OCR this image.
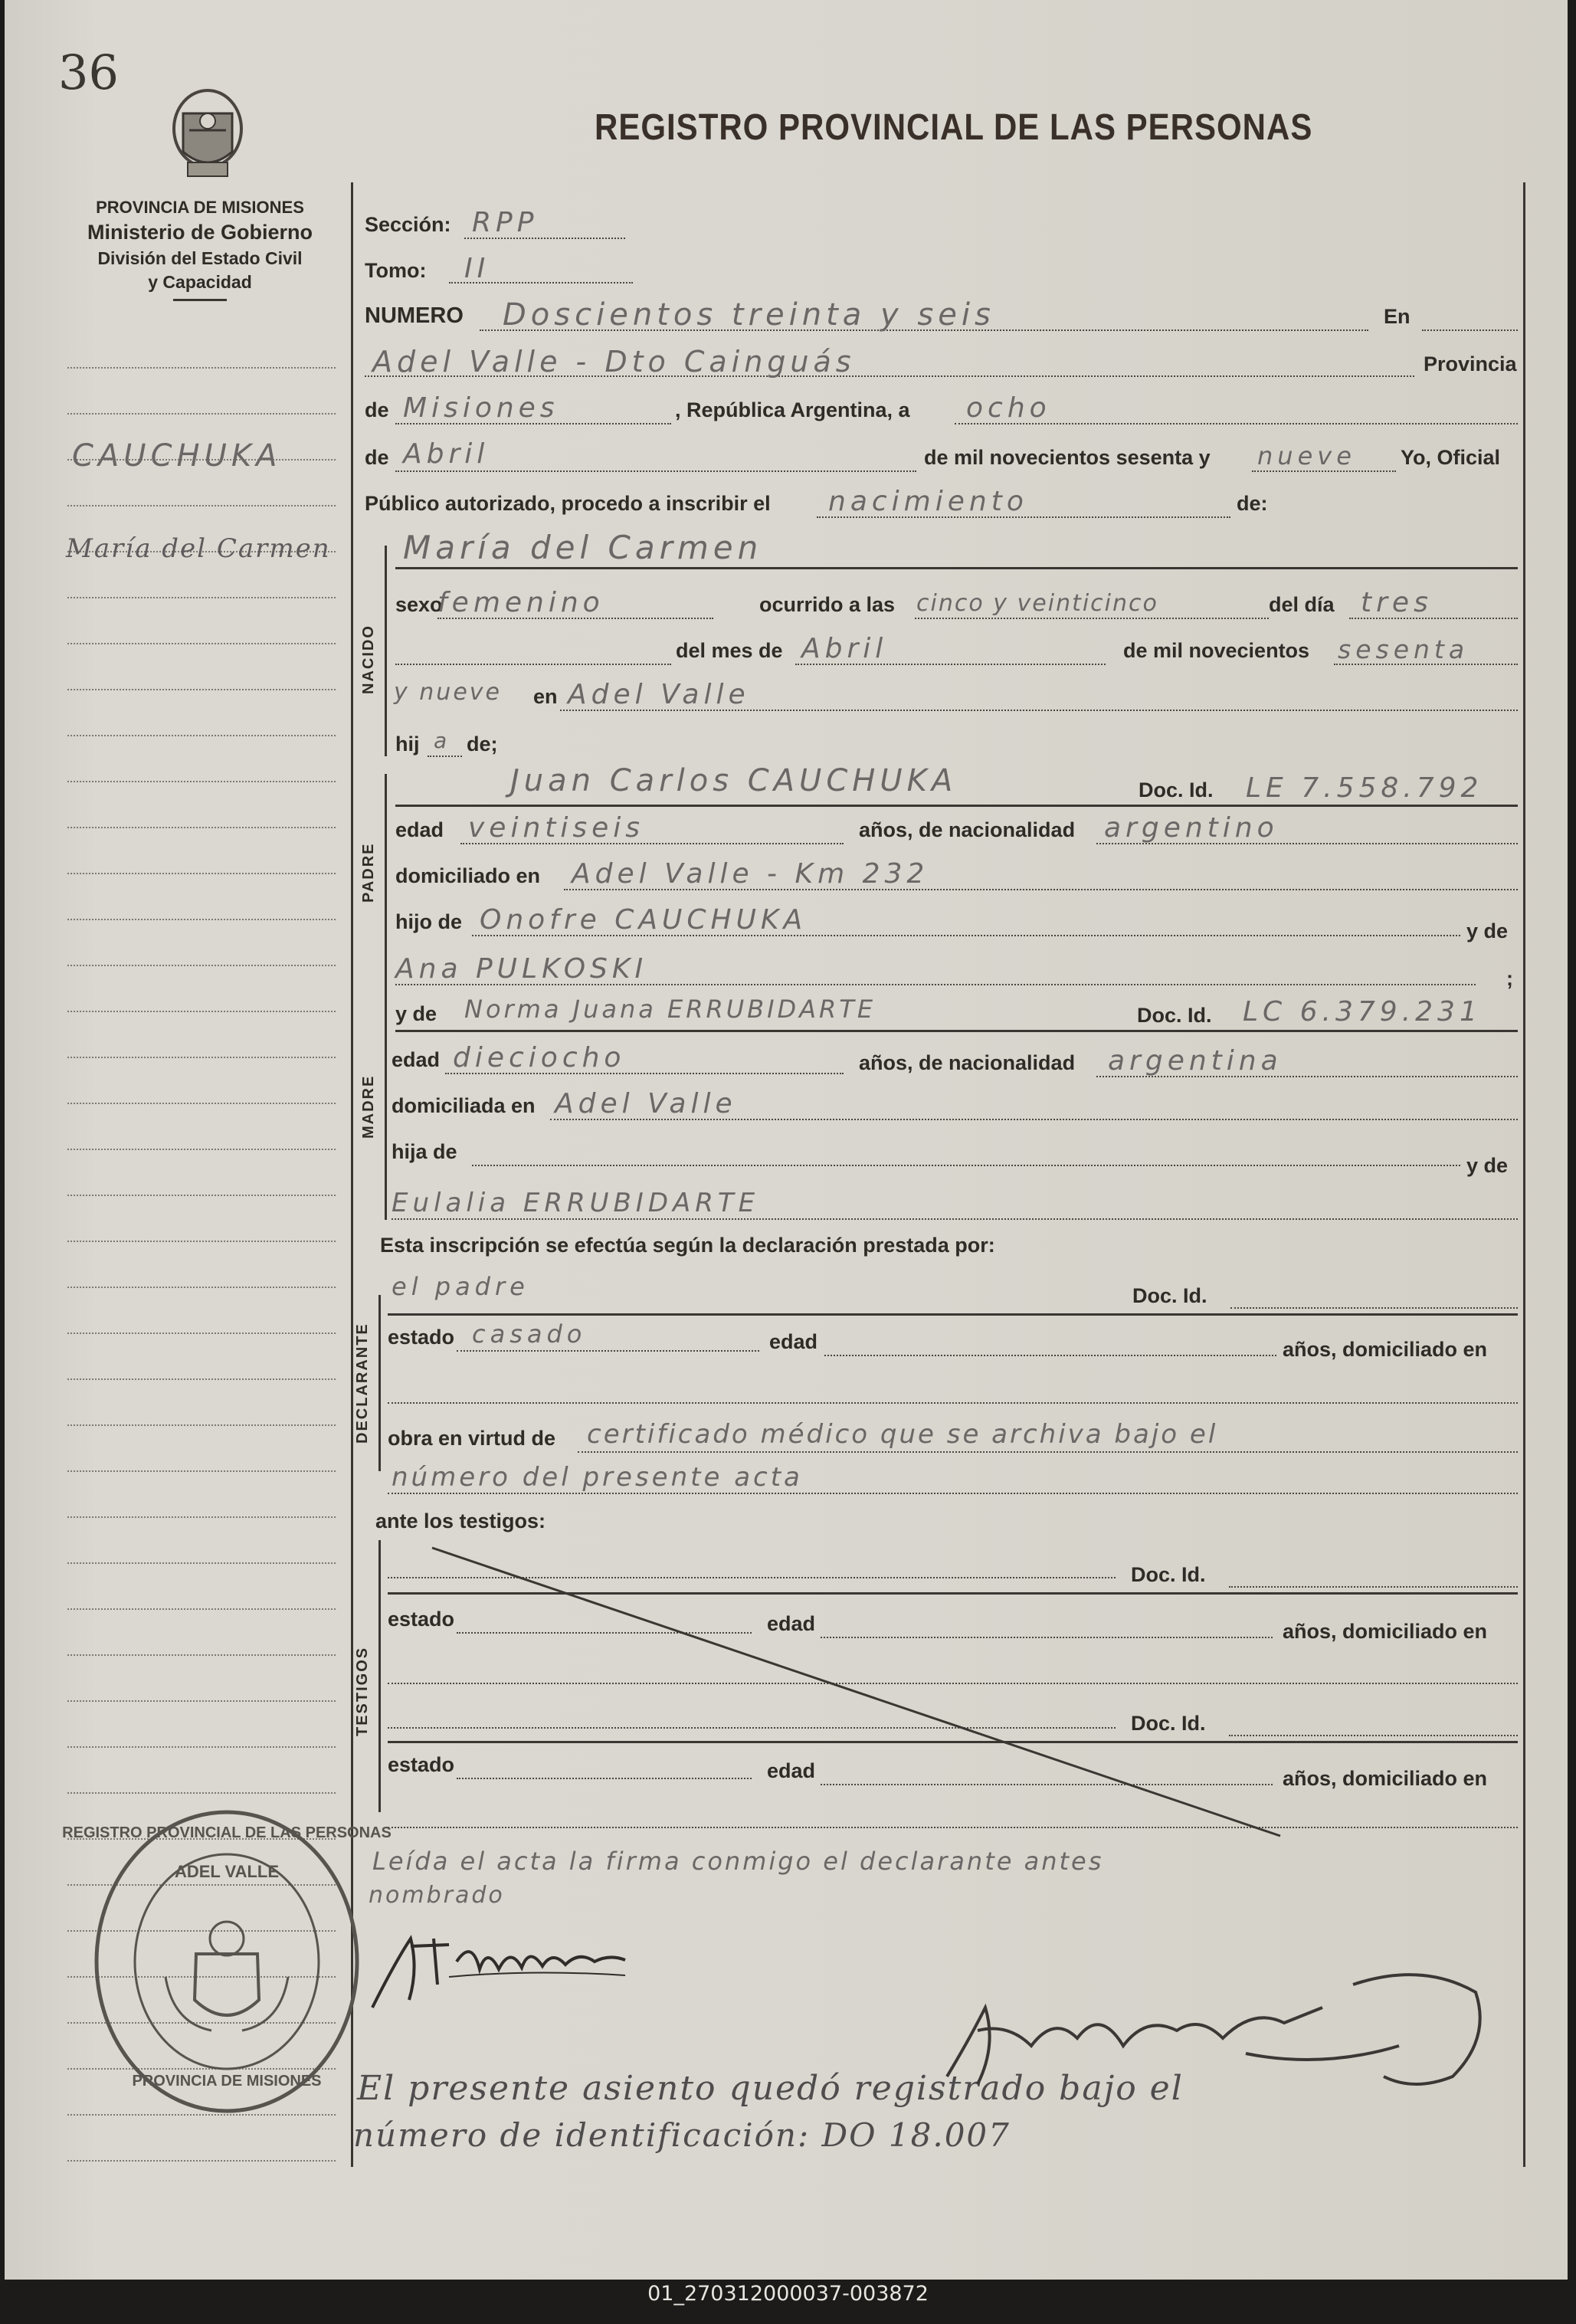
36
REGISTRO PROVINCIAL DE LAS PERSONAS
PROVINCIA DE MISIONES
Ministerio de Gobierno
División del Estado Civil
y Capacidad
CAUCHUKA
María del Carmen
Sección: RPP
Tomo: II
NUMERO Doscientos treinta y seis	En
Adel Valle - Dto Cainguás	Provincia
de Misiones	, República Argentina, a ocho
de Abril	de mil novecientos sesenta y nueve Yo, Oficial
Público autorizado, procedo a inscribir el nacimiento	de:
NACIDO
María del Carmen
sexo
femenino	ocurrido a las cinco y veinticinco	del día tres
del mes de Abril	de mil novecientos sesenta
y nueve en Adel Valle
hij a de;
PADRE
Juan Carlos CAUCHUKA	Doc. Id. LE 7.558.792
edad veintiseis	años, de nacionalidad argentino
domiciliado en Adel Valle - Km 232
hijo de Onofre CAUCHUKA	y de
Ana PULKOSKI	;
MADRE
y de Norma Juana ERRUBIDARTE	Doc. Id. LC 6.379.231
edad dieciocho	años, de nacionalidad argentina
domiciliada en Adel Valle
hija de
y de
Eulalia ERRUBIDARTE
Esta inscripción se efectúa según la declaración prestada por:
DECLARANTE
el padre	Doc. Id.
estado casado	edad	años, domiciliado en
obra en virtud de certificado médico que se archiva bajo el
número del presente acta
ante los testigos:
TESTIGOS
Doc. Id.
estado	edad	años, domiciliado en
Doc. Id.
estado	edad	años, domiciliado en
Leída el acta la firma conmigo el declarante antes
nombrado
El presente asiento quedó registrado bajo el
número de identificación: DO 18.007
REGISTRO PROVINCIAL DE LAS PERSONAS
ADEL VALLE
PROVINCIA DE MISIONES
01_270312000037-003872
